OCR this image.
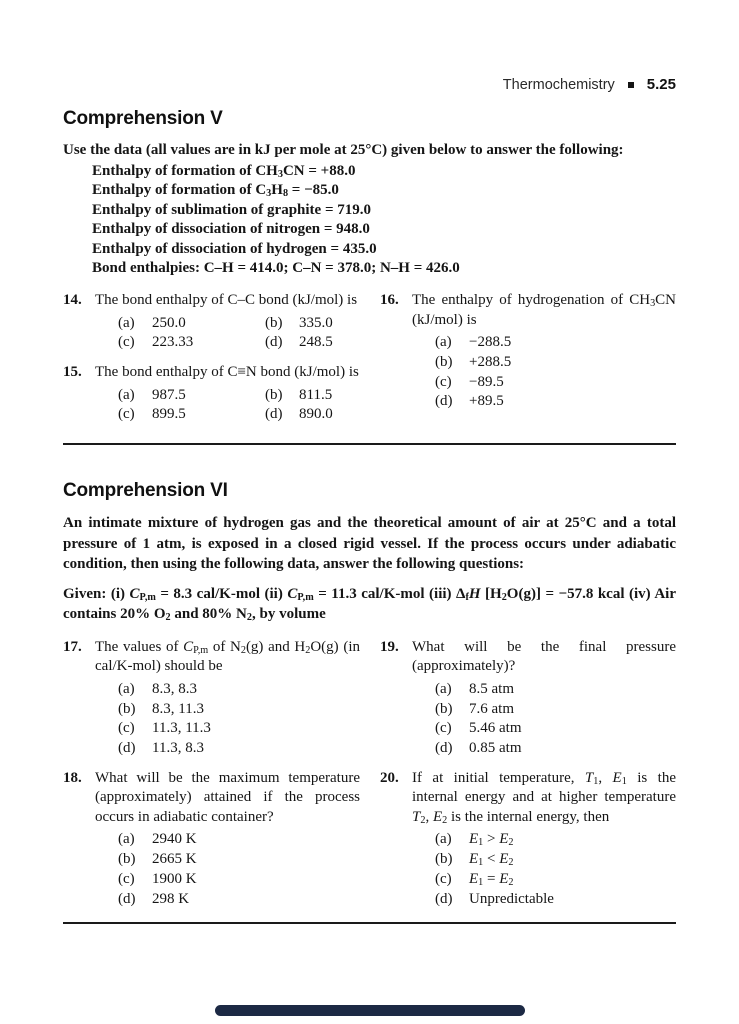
Thermochemistry 5.25
Comprehension V

Use the data (all values are in kJ per mole at 25°C) given below to answer the following:

Enthalpy of formation of $CH_3CN = +88.0$
Enthalpy of formation of $C_3H_8 = -85.0$
Enthalpy of sublimation of graphite = 719.0
Enthalpy of dissociation of nitrogen = 948.0
Enthalpy of dissociation of hydrogen = 435.0
Bond enthalpies: C–H = 414.0; C–N = 378.0; N–H = 426.0
14. The bond enthalpy of C–C bond (kJ/mol) is
(a) 250.0	(b) 335.0
(c) 223.33	(d) 248.5
15. The bond enthalpy of C≡N bond (kJ/mol) is
(a) 987.5	(b) 811.5
(c) 899.5	(d) 890.0
16. The enthalpy of hydrogenation of $CH_3CN$ (kJ/mol) is
(a) −288.5
(b) +288.5
(c) −89.5
(d) +89.5
Comprehension VI

An intimate mixture of hydrogen gas and the theoretical amount of air at 25°C and a total pressure of 1 atm, is exposed in a closed rigid vessel. If the process occurs under adiabatic condition, then using the following data, answer the following questions:

Given: (i) $C_{P,m} = 8.3$ cal/K-mol (ii) $C_{P,m} = 11.3$ cal/K-mol (iii) $\Delta_fH$ $[H_2O(g)] = -57.8$ kcal (iv) Air contains 20% $O_2$ and 80% $N_2$, by volume

17. The values of $C_{P,m}$ of $N_2(g)$ and $H_2O(g)$ (in cal/K-mol) should be
(a) 8.3, 8.3
(b) 8.3, 11.3
(c) 11.3, 11.3
(d) 11.3, 8.3
18. What will be the maximum temperature (approximately) attained if the process occurs in adiabatic container?
(a) 2940 K
(b) 2665 K
(c) 1900 K
(d) 298 K
19. What will be the final pressure (approximately)?
(a) 8.5 atm
(b) 7.6 atm
(c) 5.46 atm
(d) 0.85 atm
20. If at initial temperature, $T_1$, $E_1$ is the internal energy and at higher temperature $T_2$, $E_2$ is the internal energy, then
(a) $E_1 > E_2$
(b) $E_1 < E_2$
(c) $E_1 = E_2$
(d) Unpredictable
